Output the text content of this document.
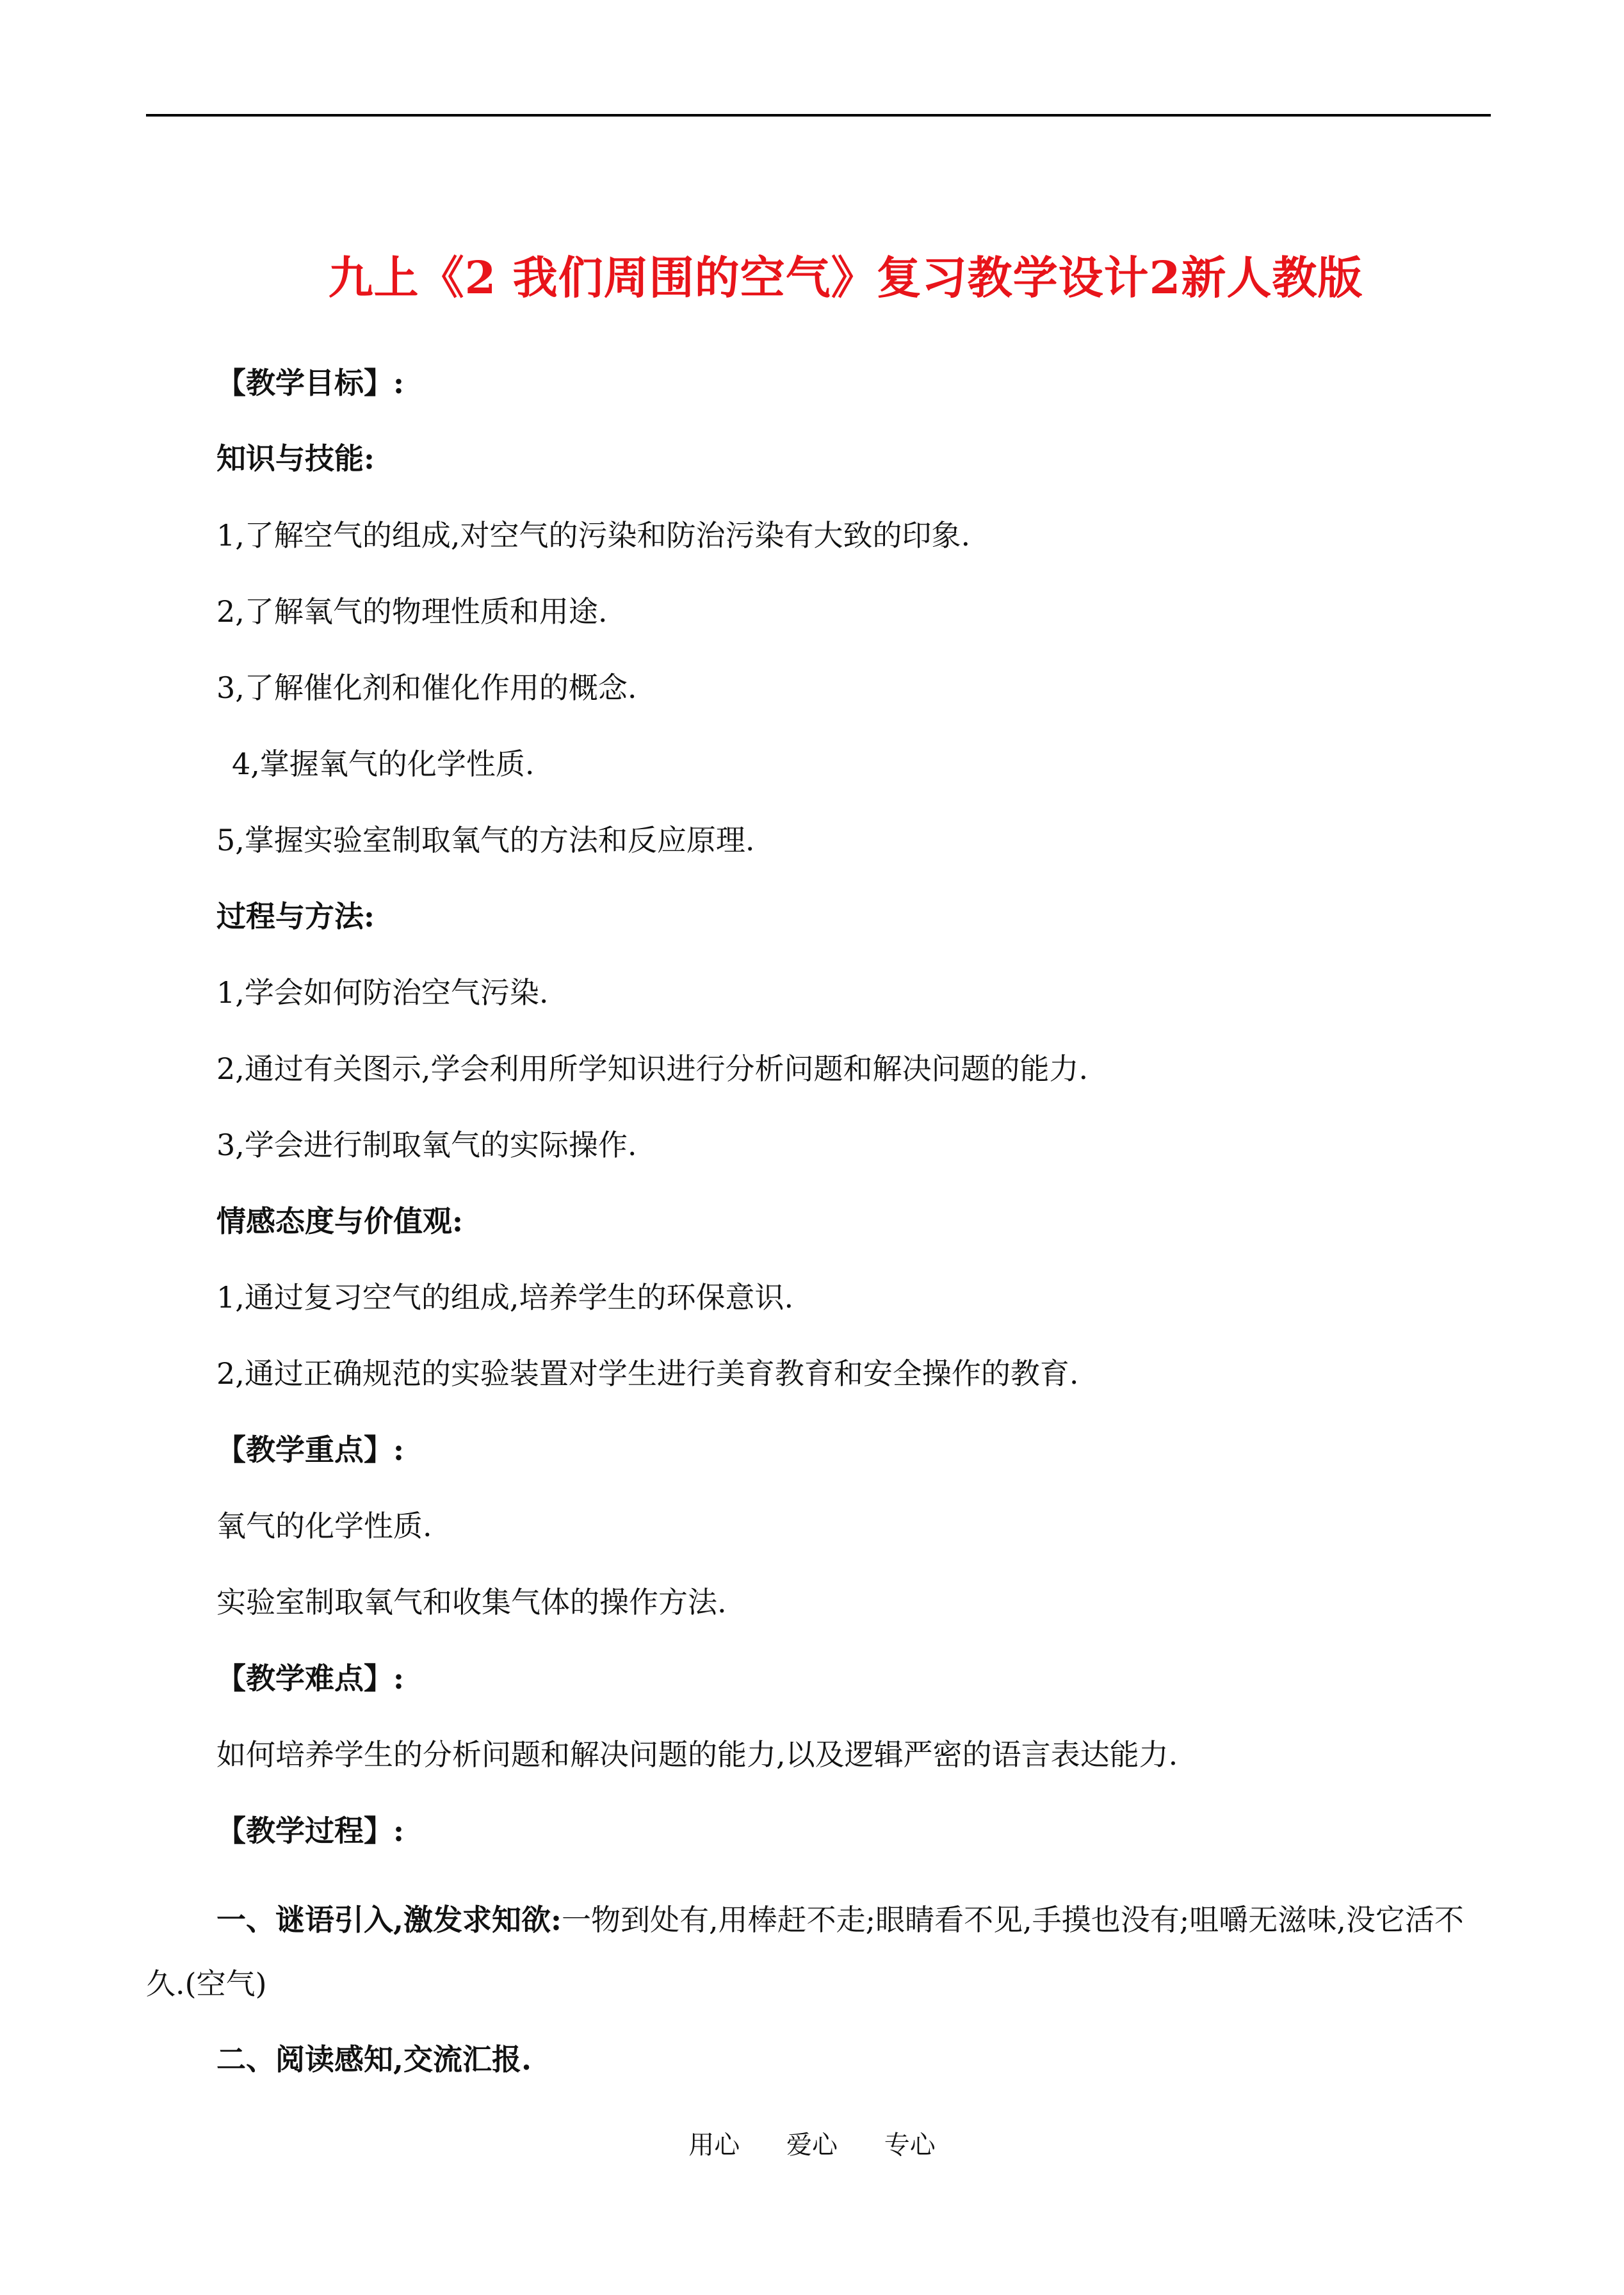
九上《2 我们周围的空气》复习教学设计2新人教版
【教学目标】:
知识与技能:
1,了解空气的组成,对空气的污染和防治污染有大致的印象.
2,了解氧气的物理性质和用途.
3,了解催化剂和催化作用的概念.
4,掌握氧气的化学性质.
5,掌握实验室制取氧气的方法和反应原理.
过程与方法:
1,学会如何防治空气污染.
2,通过有关图示,学会利用所学知识进行分析问题和解决问题的能力.
3,学会进行制取氧气的实际操作.
情感态度与价值观:
1,通过复习空气的组成,培养学生的环保意识.
2,通过正确规范的实验装置对学生进行美育教育和安全操作的教育.
【教学重点】:
氧气的化学性质.
实验室制取氧气和收集气体的操作方法.
【教学难点】:
如何培养学生的分析问题和解决问题的能力,以及逻辑严密的语言表达能力.
【教学过程】:
一、谜语引入,激发求知欲:一物到处有,用棒赶不走;眼睛看不见,手摸也没有;咀嚼无滋味,没它活不久.(空气)
二、阅读感知,交流汇报.
用心 爱心 专心
